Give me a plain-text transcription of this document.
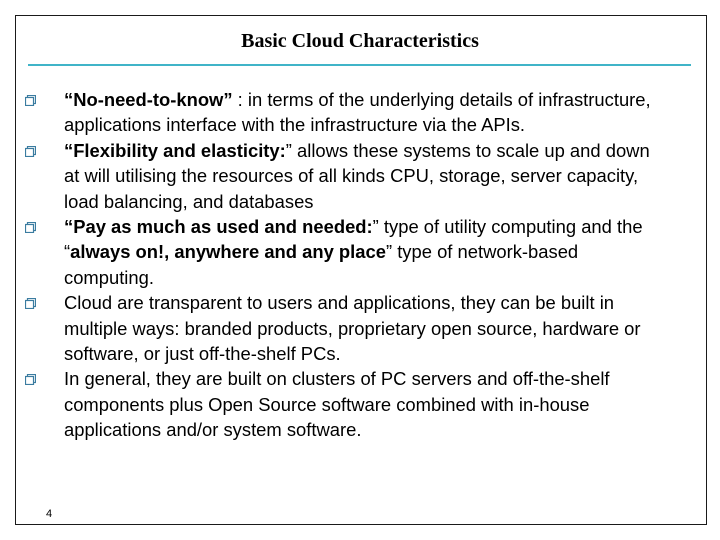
Basic Cloud Characteristics
“No-need-to-know” : in terms of the underlying details of infrastructure, applications interface with the infrastructure via the APIs.
“Flexibility and elasticity:” allows these systems to scale up and down at will utilising the resources of all kinds CPU, storage, server capacity, load balancing, and databases
“Pay as much as used and needed:” type of utility computing and the “always on!, anywhere and any place” type of network-based computing.
Cloud are transparent to users and applications, they can be built in multiple ways: branded products, proprietary open source, hardware or software, or just off-the-shelf PCs.
In general, they are built on clusters of PC servers and off-the-shelf components plus Open Source software combined with in-house applications and/or system software.
4
